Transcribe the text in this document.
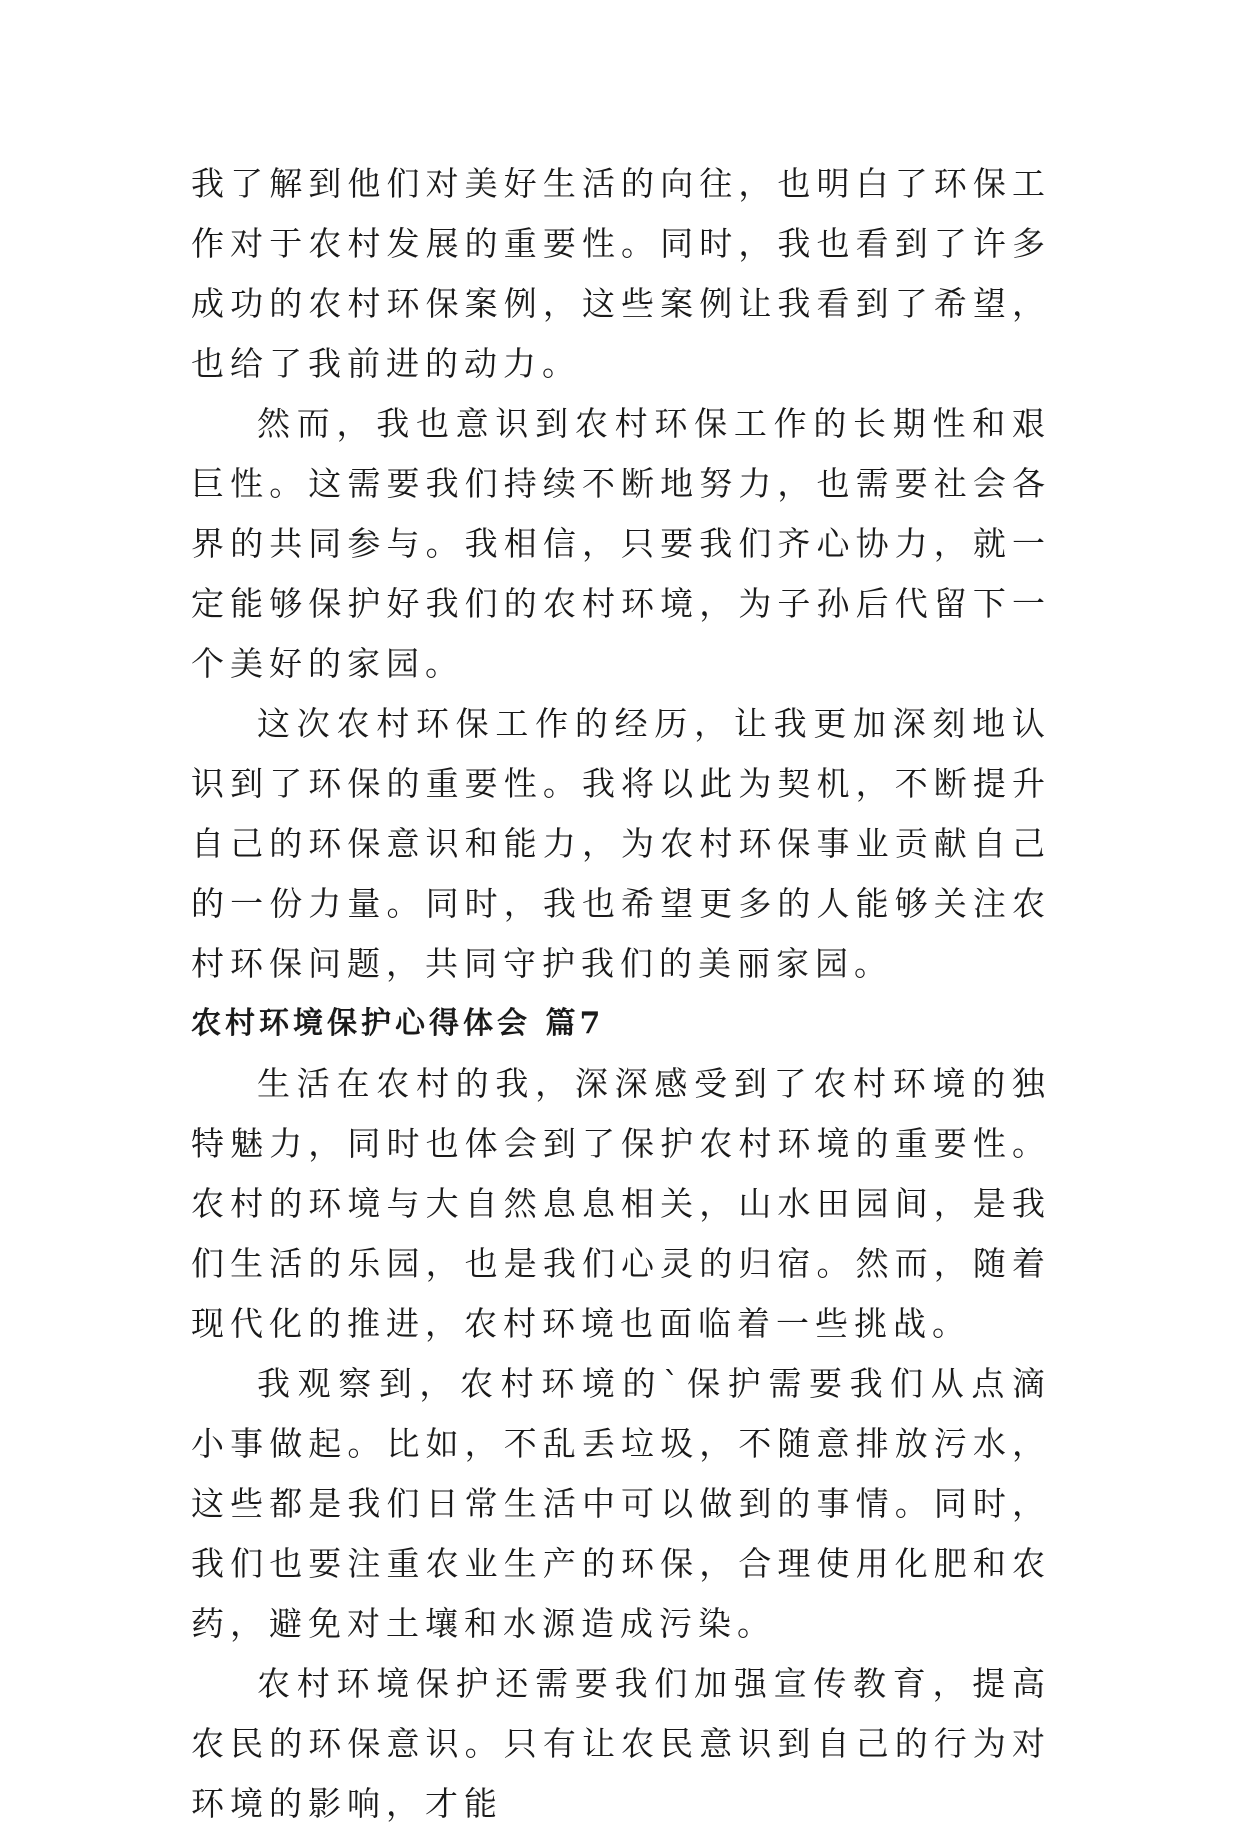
我了解到他们对美好生活的向往，也明白了环保工作对于农村发展的重要性。同时，我也看到了许多成功的农村环保案例，这些案例让我看到了希望，也给了我前进的动力。

然而，我也意识到农村环保工作的长期性和艰巨性。这需要我们持续不断地努力，也需要社会各界的共同参与。我相信，只要我们齐心协力，就一定能够保护好我们的农村环境，为子孙后代留下一个美好的家园。

这次农村环保工作的经历，让我更加深刻地认识到了环保的重要性。我将以此为契机，不断提升自己的环保意识和能力，为农村环保事业贡献自己的一份力量。同时，我也希望更多的人能够关注农村环保问题，共同守护我们的美丽家园。

农村环境保护心得体会 篇7

生活在农村的我，深深感受到了农村环境的独特魅力，同时也体会到了保护农村环境的重要性。农村的环境与大自然息息相关，山水田园间，是我们生活的乐园，也是我们心灵的归宿。然而，随着现代化的推进，农村环境也面临着一些挑战。

我观察到，农村环境的`保护需要我们从点滴小事做起。比如，不乱丢垃圾，不随意排放污水，这些都是我们日常生活中可以做到的事情。同时，我们也要注重农业生产的环保，合理使用化肥和农药，避免对土壤和水源造成污染。

农村环境保护还需要我们加强宣传教育，提高农民的环保意识。只有让农民意识到自己的行为对环境的影响，才能
